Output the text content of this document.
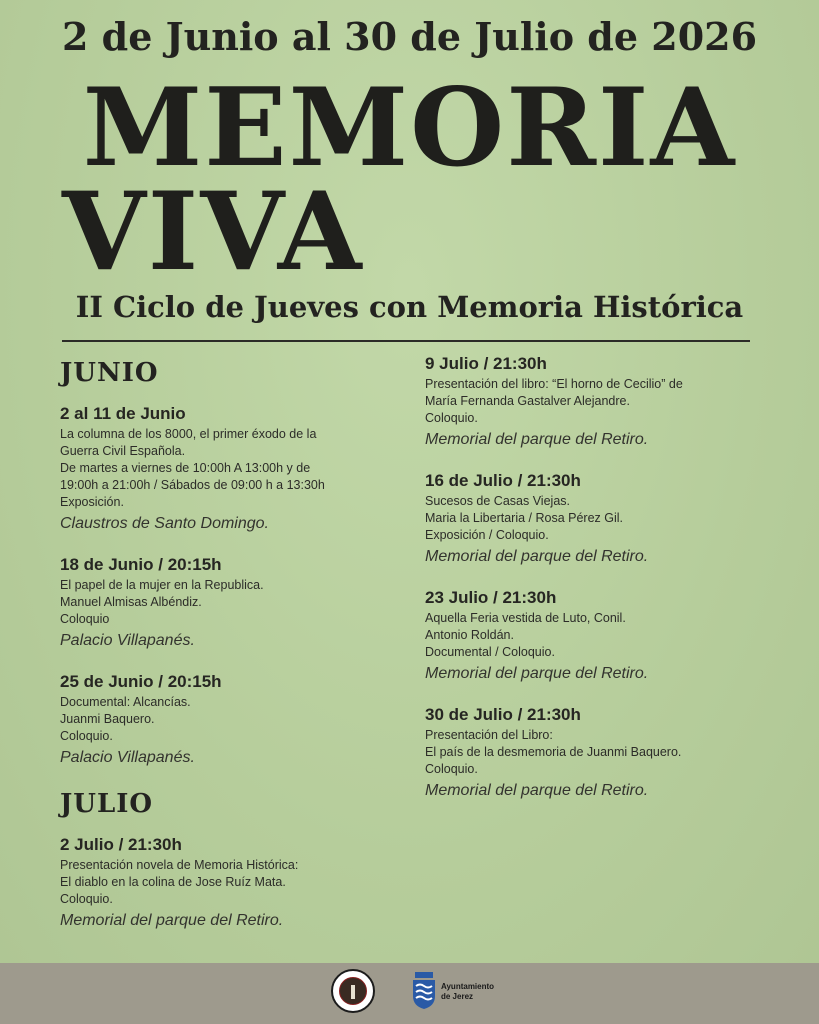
2 de Junio al 30 de Julio de 2026
MEMORIA
VIVA
II Ciclo de Jueves con Memoria Histórica
JUNIO
2 al 11 de Junio
La columna de los 8000, el primer éxodo de la
Guerra Civil Española.
De martes a viernes de 10:00h A 13:00h y de
19:00h a 21:00h / Sábados de 09:00 h a 13:30h
Exposición.
Claustros de Santo Domingo.
18 de Junio / 20:15h
El papel de la mujer en la Republica.
Manuel Almisas Albéndiz.
Coloquio
Palacio Villapanés.
25 de Junio / 20:15h
Documental: Alcancías.
Juanmi Baquero.
Coloquio.
Palacio Villapanés.
JULIO
2 Julio / 21:30h
Presentación novela de Memoria Histórica:
El diablo en la colina de Jose Ruíz Mata.
Coloquio.
Memorial del parque del Retiro.
9 Julio / 21:30h
Presentación del libro: “El horno de Cecilio” de
María Fernanda Gastalver Alejandre.
Coloquio.
Memorial del parque del Retiro.
16 de Julio / 21:30h
Sucesos de Casas Viejas.
Maria la Libertaria / Rosa Pérez Gil.
Exposición / Coloquio.
Memorial del parque del Retiro.
23 Julio / 21:30h
Aquella Feria vestida de Luto, Conil.
Antonio Roldán.
Documental / Coloquio.
Memorial del parque del Retiro.
30 de Julio / 21:30h
Presentación del Libro:
El país de la desmemoria de Juanmi Baquero.
Coloquio.
Memorial del parque del Retiro.
Ayuntamiento
de Jerez
